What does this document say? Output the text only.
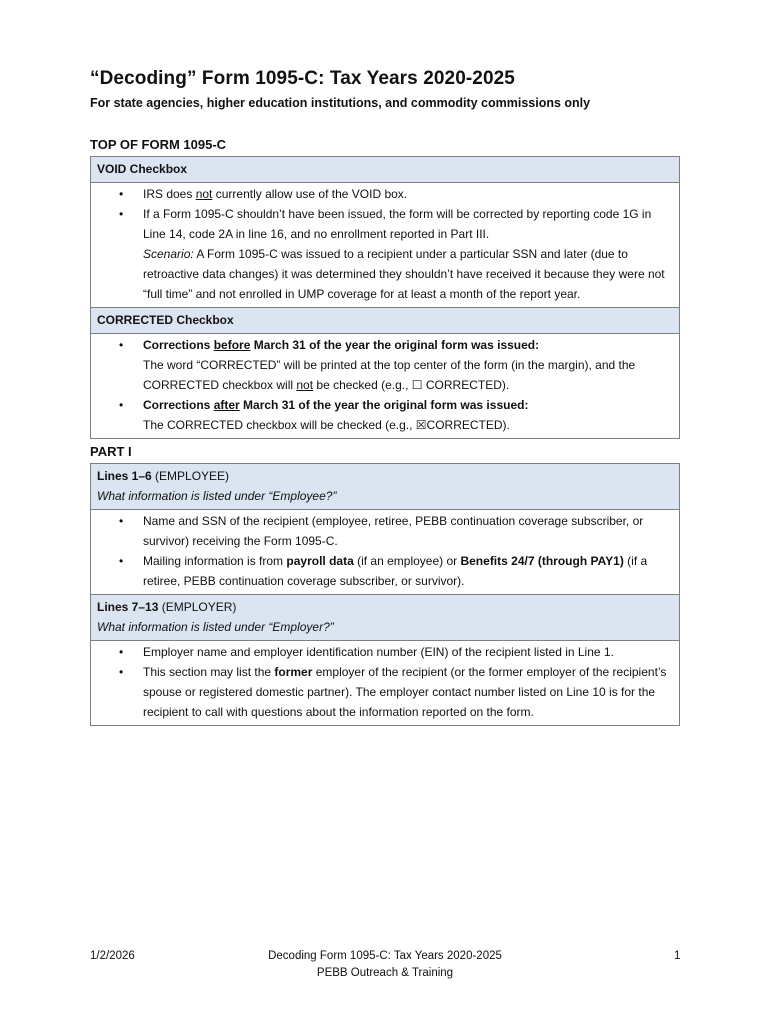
“Decoding” Form 1095-C: Tax Years 2020-2025
For state agencies, higher education institutions, and commodity commissions only
TOP OF FORM 1095-C
VOID Checkbox

• IRS does not currently allow use of the VOID box.
• If a Form 1095-C shouldn’t have been issued, the form will be corrected by reporting code 1G in Line 14, code 2A in line 16, and no enrollment reported in Part III.
Scenario: A Form 1095-C was issued to a recipient under a particular SSN and later (due to retroactive data changes) it was determined they shouldn’t have received it because they were not “full time” and not enrolled in UMP coverage for at least a month of the report year.

CORRECTED Checkbox

• Corrections before March 31 of the year the original form was issued:
The word “CORRECTED” will be printed at the top center of the form (in the margin), and the CORRECTED checkbox will not be checked (e.g., ☐ CORRECTED).
• Corrections after March 31 of the year the original form was issued:
The CORRECTED checkbox will be checked (e.g., ☒CORRECTED).
PART I
Lines 1–6 (EMPLOYEE)
What information is listed under “Employee?”

• Name and SSN of the recipient (employee, retiree, PEBB continuation coverage subscriber, or survivor) receiving the Form 1095-C.
• Mailing information is from payroll data (if an employee) or Benefits 24/7 (through PAY1) (if a retiree, PEBB continuation coverage subscriber, or survivor).

Lines 7–13 (EMPLOYER)
What information is listed under “Employer?”

• Employer name and employer identification number (EIN) of the recipient listed in Line 1.
• This section may list the former employer of the recipient (or the former employer of the recipient’s spouse or registered domestic partner). The employer contact number listed on Line 10 is for the recipient to call with questions about the information reported on the form.
1/2/2026	Decoding Form 1095-C: Tax Years 2020-2025
PEBB Outreach & Training
1
